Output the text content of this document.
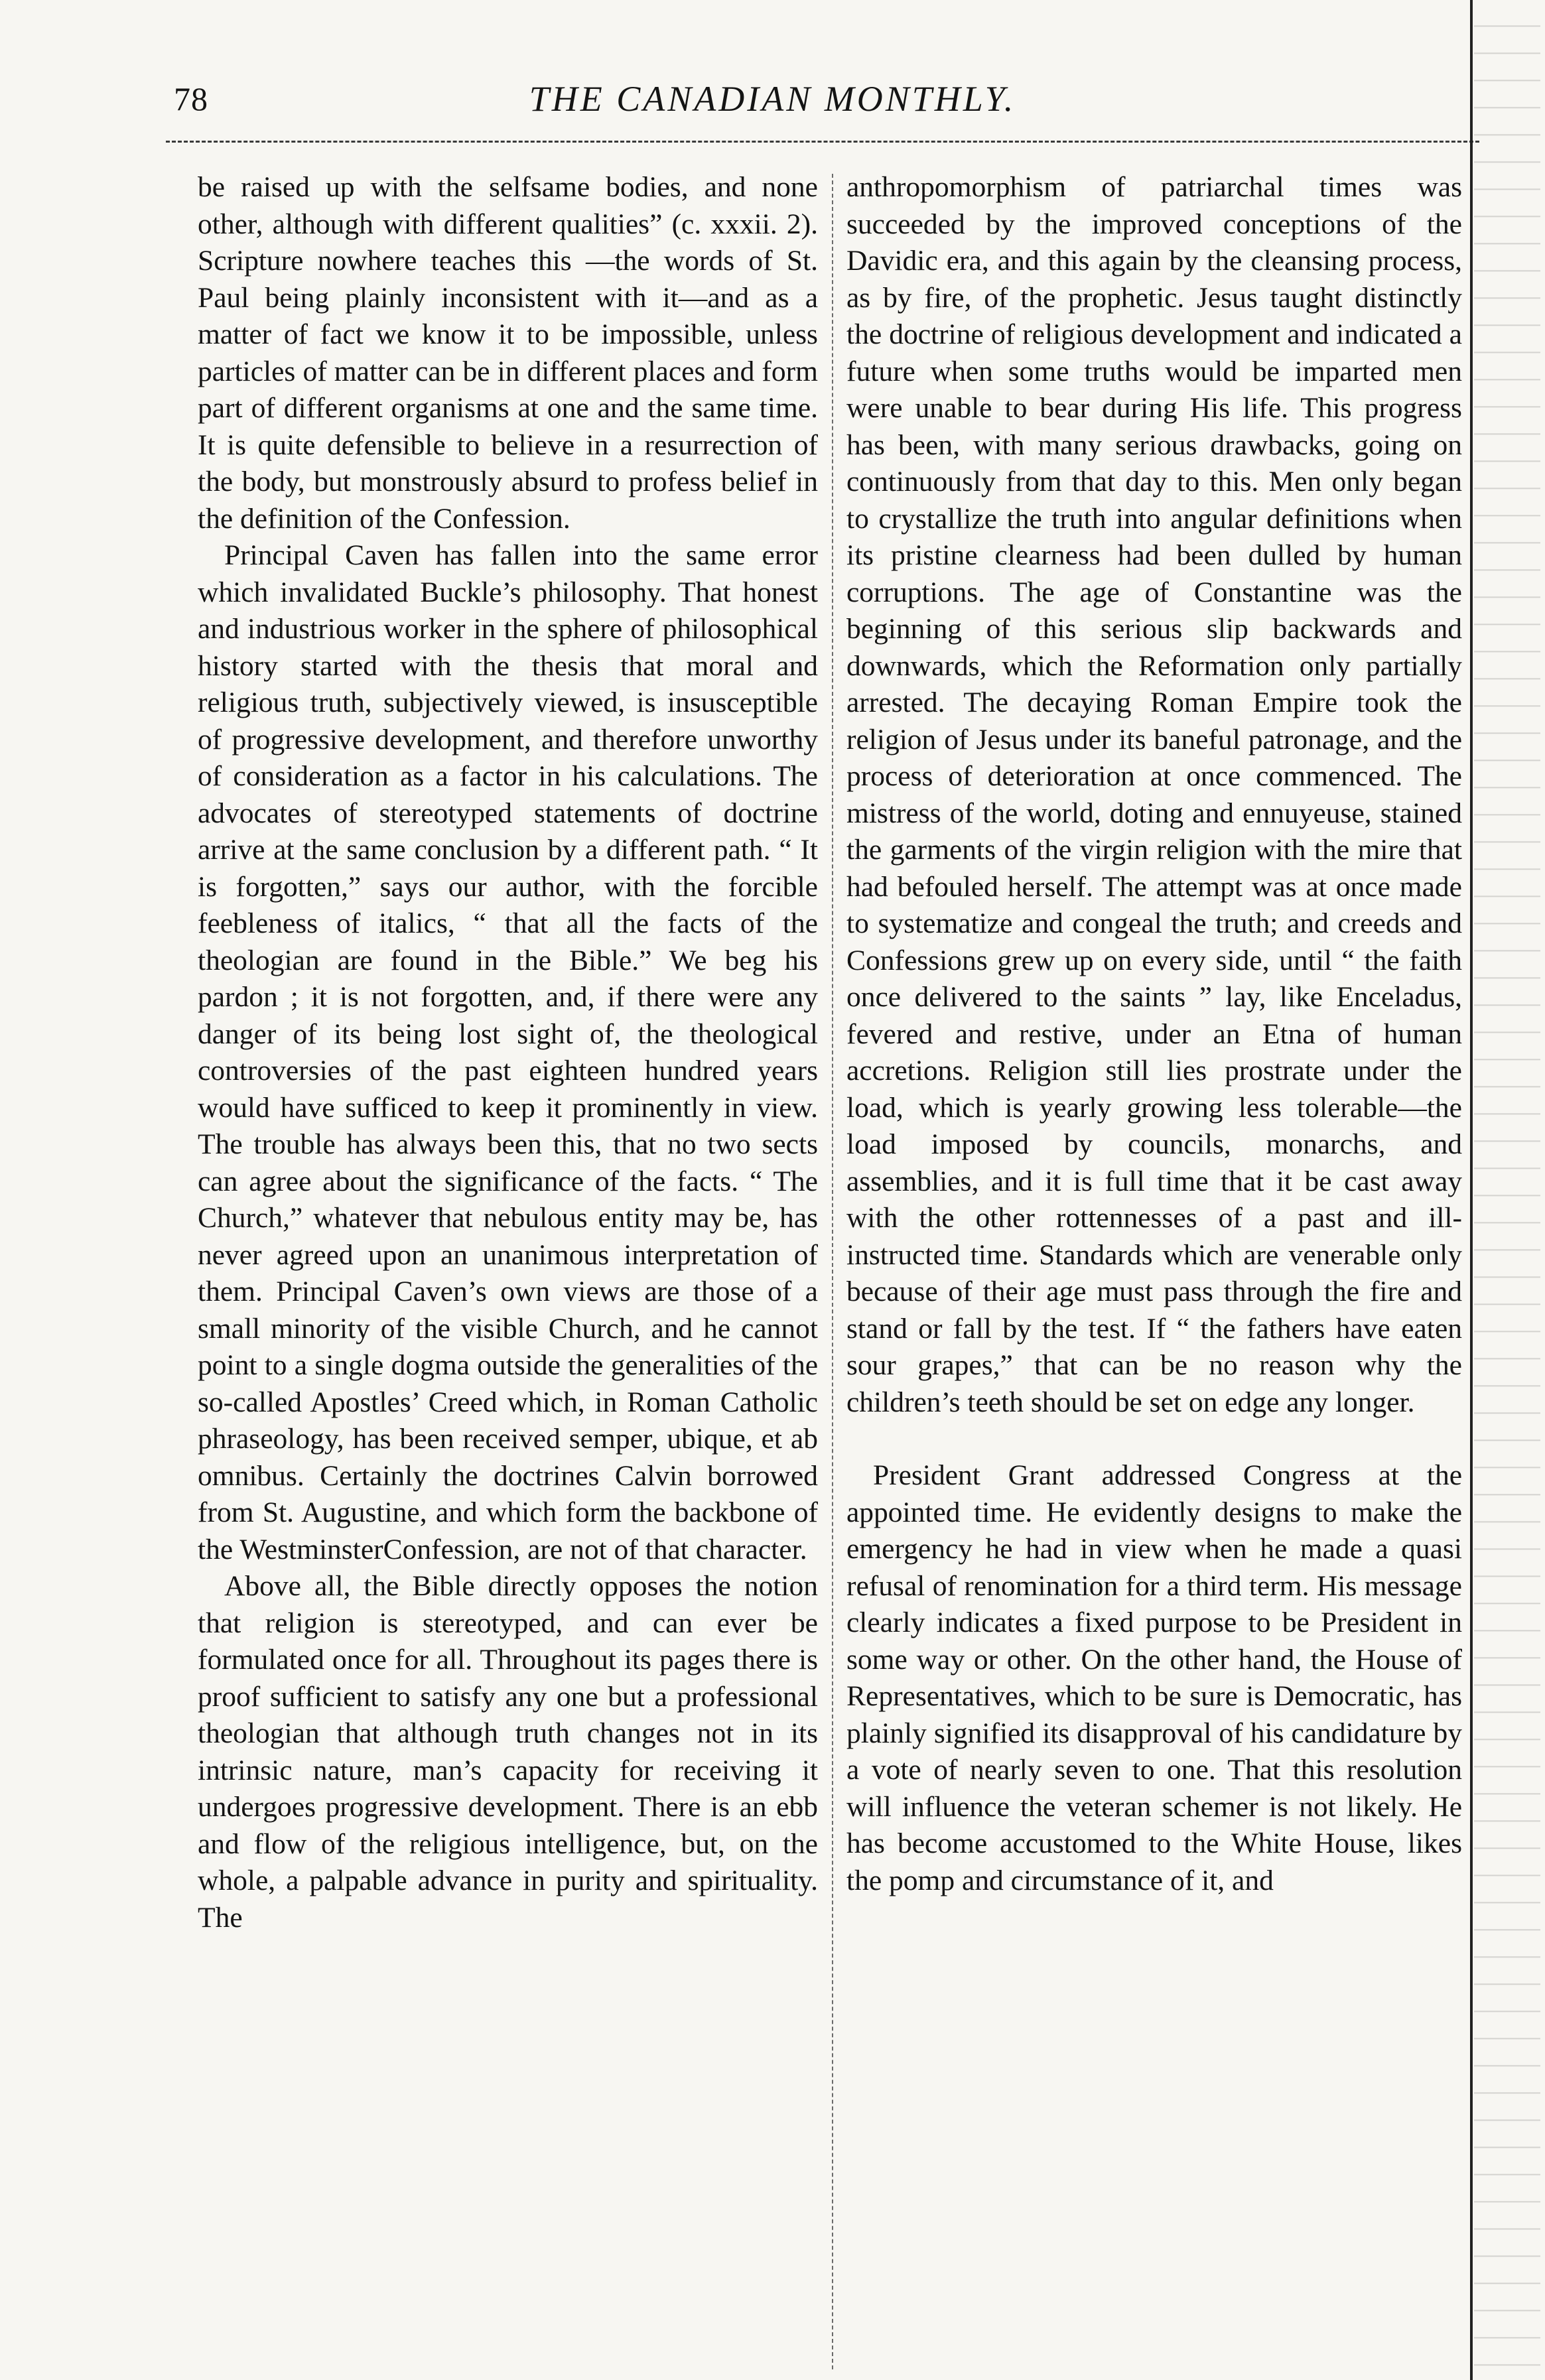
78	THE CANADIAN MONTHLY.

be raised up with the selfsame bodies, and none other, although with different qualities” (c. xxxii. 2). Scripture nowhere teaches this —the words of St. Paul being plainly inconsistent with it—and as a matter of fact we know it to be impossible, unless particles of matter can be in different places and form part of different organisms at one and the same time. It is quite defensible to believe in a resurrection of the body, but monstrously absurd to profess belief in the definition of the Confession.

Principal Caven has fallen into the same error which invalidated Buckle’s philosophy. That honest and industrious worker in the sphere of philosophical history started with the thesis that moral and religious truth, subjectively viewed, is insusceptible of progressive development, and therefore unworthy of consideration as a factor in his calculations. The advocates of stereotyped statements of doctrine arrive at the same conclusion by a different path. “ It is forgotten,” says our author, with the forcible feebleness of italics, “ that all the facts of the theologian are found in the Bible.” We beg his pardon ; it is not forgotten, and, if there were any danger of its being lost sight of, the theological controversies of the past eighteen hundred years would have sufficed to keep it prominently in view. The trouble has always been this, that no two sects can agree about the significance of the facts. “ The Church,” whatever that nebulous entity may be, has never agreed upon an unanimous interpretation of them. Principal Caven’s own views are those of a small minority of the visible Church, and he cannot point to a single dogma outside the generalities of the so-called Apostles’ Creed which, in Roman Catholic phraseology, has been received semper, ubique, et ab omnibus. Certainly the doctrines Calvin borrowed from St. Augustine, and which form the backbone of the WestminsterConfession, are not of that character.

Above all, the Bible directly opposes the notion that religion is stereotyped, and can ever be formulated once for all. Throughout its pages there is proof sufficient to satisfy any one but a professional theologian that although truth changes not in its intrinsic nature, man’s capacity for receiving it undergoes progressive development. There is an ebb and flow of the religious intelligence, but, on the whole, a palpable advance in purity and spirituality. The

anthropomorphism of patriarchal times was succeeded by the improved conceptions of the Davidic era, and this again by the cleansing process, as by fire, of the prophetic. Jesus taught distinctly the doctrine of religious development and indicated a future when some truths would be imparted men were unable to bear during His life. This progress has been, with many serious drawbacks, going on continuously from that day to this. Men only began to crystallize the truth into angular definitions when its pristine clearness had been dulled by human corruptions. The age of Constantine was the beginning of this serious slip backwards and downwards, which the Reformation only partially arrested. The decaying Roman Empire took the religion of Jesus under its baneful patronage, and the process of deterioration at once commenced. The mistress of the world, doting and ennuyeuse, stained the garments of the virgin religion with the mire that had befouled herself. The attempt was at once made to systematize and congeal the truth; and creeds and Confessions grew up on every side, until “ the faith once delivered to the saints ” lay, like Enceladus, fevered and restive, under an Etna of human accretions. Religion still lies prostrate under the load, which is yearly growing less tolerable—the load imposed by councils, monarchs, and assemblies, and it is full time that it be cast away with the other rottennesses of a past and ill-instructed time. Standards which are venerable only because of their age must pass through the fire and stand or fall by the test. If “ the fathers have eaten sour grapes,” that can be no reason why the children’s teeth should be set on edge any longer.

President Grant addressed Congress at the appointed time. He evidently designs to make the emergency he had in view when he made a quasi refusal of renomination for a third term. His message clearly indicates a fixed purpose to be President in some way or other. On the other hand, the House of Representatives, which to be sure is Democratic, has plainly signified its disapproval of his candidature by a vote of nearly seven to one. That this resolution will influence the veteran schemer is not likely. He has become accustomed to the White House, likes the pomp and circumstance of it, and
